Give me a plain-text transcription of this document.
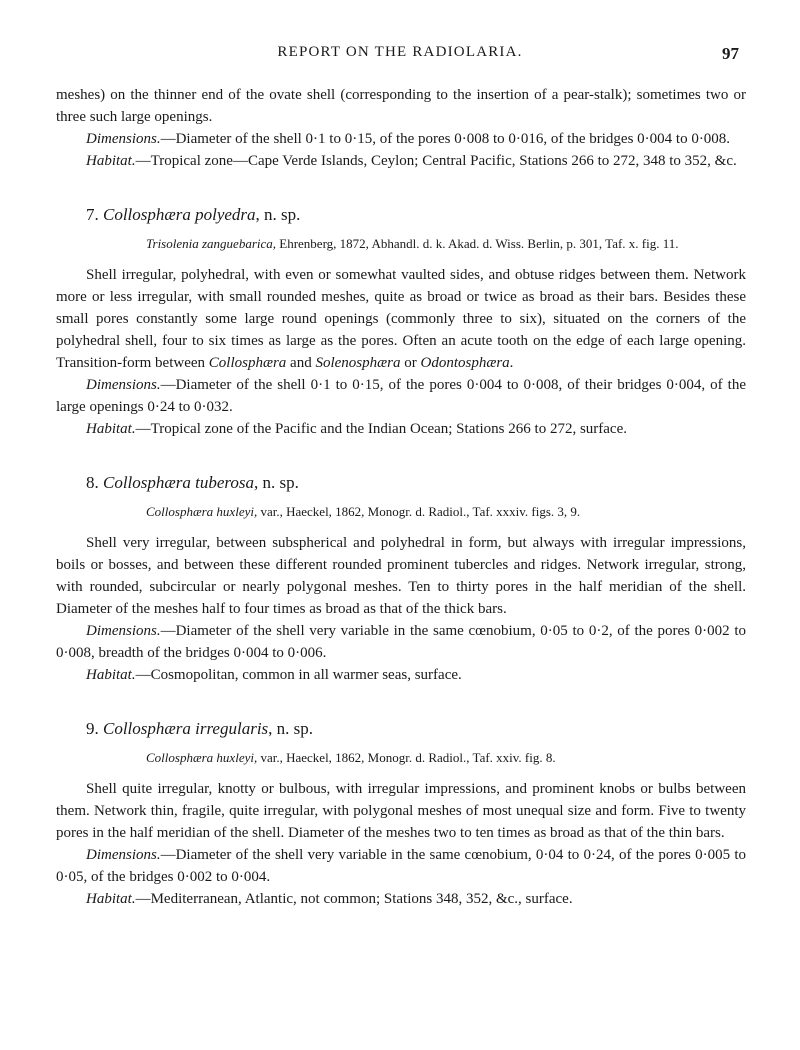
REPORT ON THE RADIOLARIA.	97

meshes) on the thinner end of the ovate shell (corresponding to the insertion of a pear-stalk); sometimes two or three such large openings.

Dimensions.—Diameter of the shell 0·1 to 0·15, of the pores 0·008 to 0·016, of the bridges 0·004 to 0·008.

Habitat.—Tropical zone—Cape Verde Islands, Ceylon; Central Pacific, Stations 266 to 272, 348 to 352, &c.

7. Collosphæra polyedra, n. sp.
Trisolenia zanguebarica, Ehrenberg, 1872, Abhandl. d. k. Akad. d. Wiss. Berlin, p. 301, Taf. x. fig. 11.

Shell irregular, polyhedral, with even or somewhat vaulted sides, and obtuse ridges between them. Network more or less irregular, with small rounded meshes, quite as broad or twice as broad as their bars. Besides these small pores constantly some large round openings (commonly three to six), situated on the corners of the polyhedral shell, four to six times as large as the pores. Often an acute tooth on the edge of each large opening. Transition-form between Collosphæra and Solenosphæra or Odontosphæra.

Dimensions.—Diameter of the shell 0·1 to 0·15, of the pores 0·004 to 0·008, of their bridges 0·004, of the large openings 0·24 to 0·032.

Habitat.—Tropical zone of the Pacific and the Indian Ocean; Stations 266 to 272, surface.

8. Collosphæra tuberosa, n. sp.
Collosphæra huxleyi, var., Haeckel, 1862, Monogr. d. Radiol., Taf. xxxiv. figs. 3, 9.

Shell very irregular, between subspherical and polyhedral in form, but always with irregular impressions, boils or bosses, and between these different rounded prominent tubercles and ridges. Network irregular, strong, with rounded, subcircular or nearly polygonal meshes. Ten to thirty pores in the half meridian of the shell. Diameter of the meshes half to four times as broad as that of the thick bars.

Dimensions.—Diameter of the shell very variable in the same cœnobium, 0·05 to 0·2, of the pores 0·002 to 0·008, breadth of the bridges 0·004 to 0·006.

Habitat.—Cosmopolitan, common in all warmer seas, surface.

9. Collosphæra irregularis, n. sp.
Collosphæra huxleyi, var., Haeckel, 1862, Monogr. d. Radiol., Taf. xxiv. fig. 8.

Shell quite irregular, knotty or bulbous, with irregular impressions, and prominent knobs or bulbs between them. Network thin, fragile, quite irregular, with polygonal meshes of most unequal size and form. Five to twenty pores in the half meridian of the shell. Diameter of the meshes two to ten times as broad as that of the thin bars.

Dimensions.—Diameter of the shell very variable in the same cœnobium, 0·04 to 0·24, of the pores 0·005 to 0·05, of the bridges 0·002 to 0·004.

Habitat.—Mediterranean, Atlantic, not common; Stations 348, 352, &c., surface.
